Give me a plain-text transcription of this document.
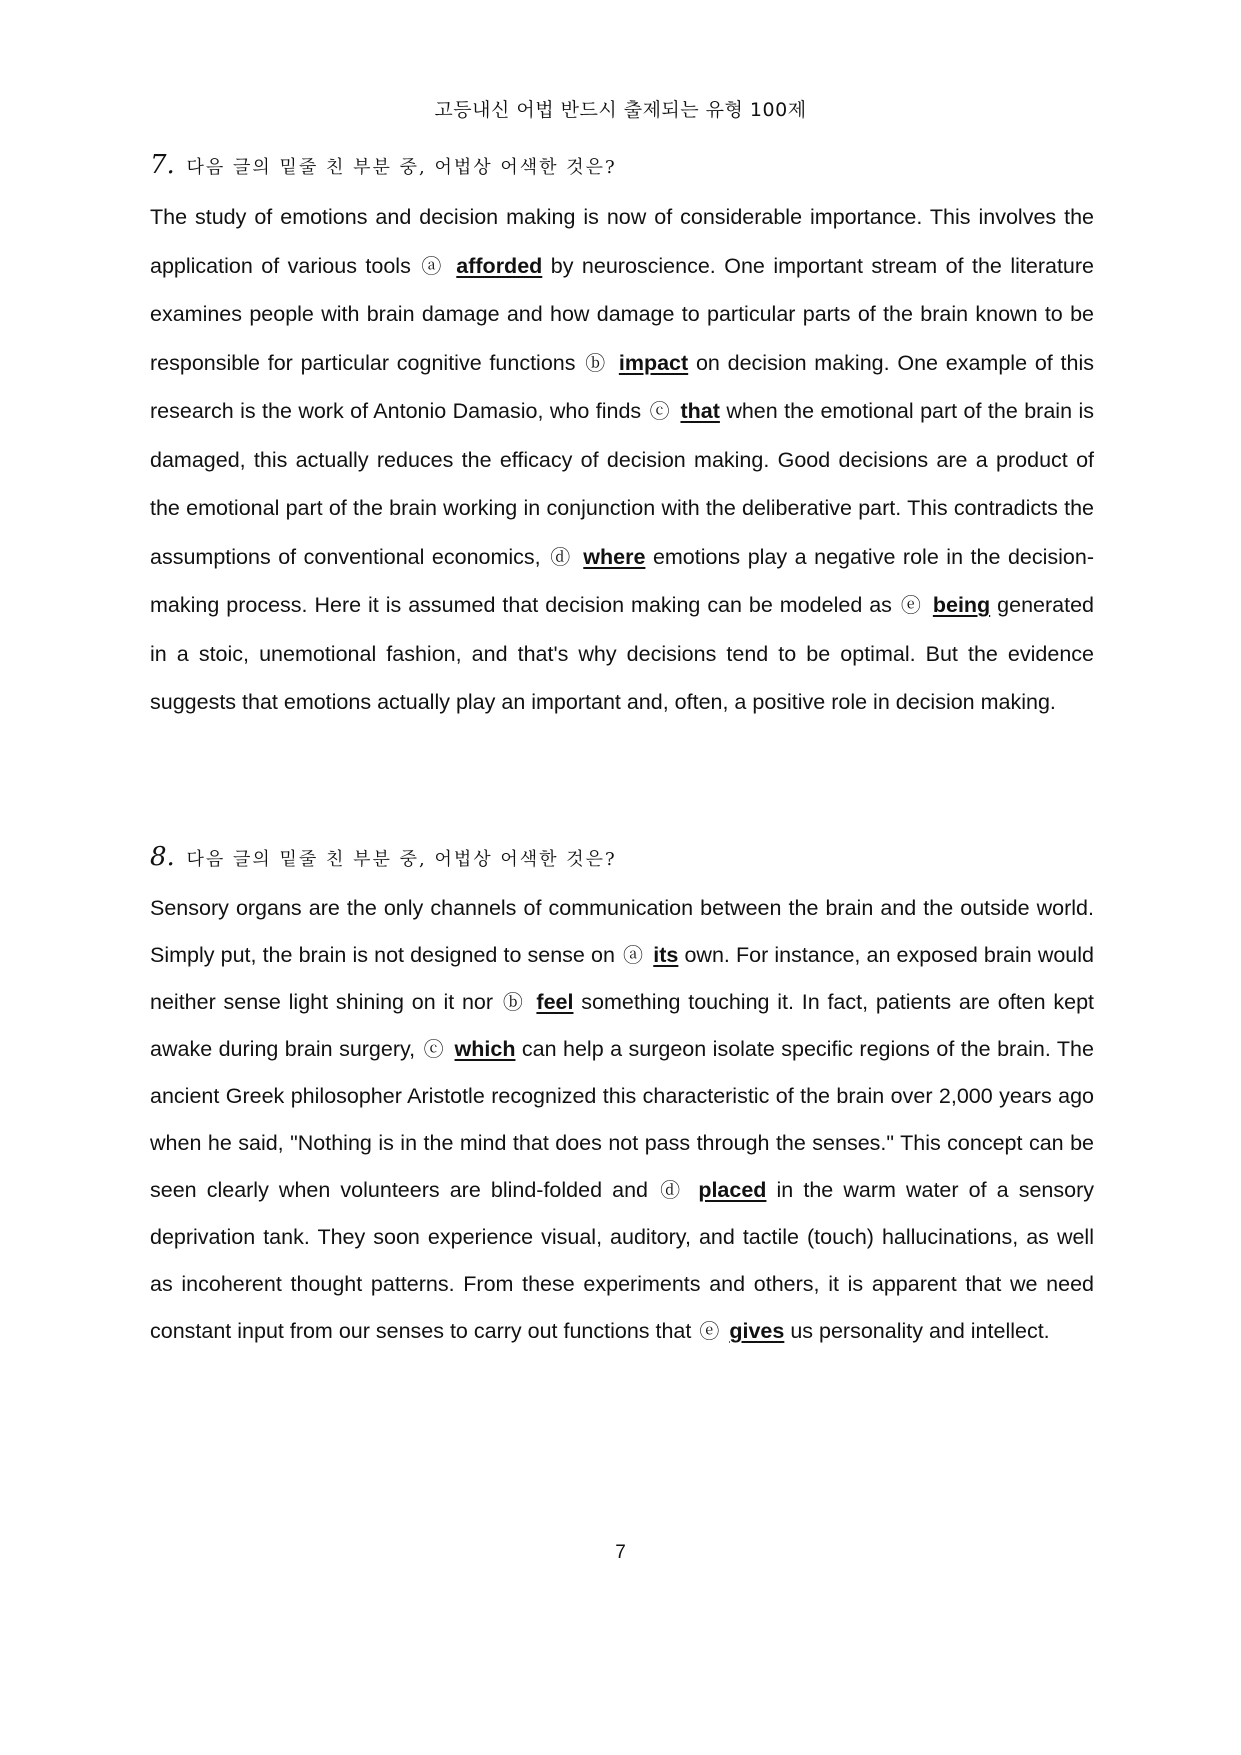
고등내신 어법 반드시 출제되는 유형 100제
7. 다음 글의 밑줄 친 부분 중, 어법상 어색한 것은?

The study of emotions and decision making is now of considerable importance. This involves the application of various tools ⓐ afforded by neuroscience. One important stream of the literature examines people with brain damage and how damage to particular parts of the brain known to be responsible for particular cognitive functions ⓑ impact on decision making. One example of this research is the work of Antonio Damasio, who finds ⓒ that when the emotional part of the brain is damaged, this actually reduces the efficacy of decision making. Good decisions are a product of the emotional part of the brain working in conjunction with the deliberative part. This contradicts the assumptions of conventional economics, ⓓ where emotions play a negative role in the decision-making process. Here it is assumed that decision making can be modeled as ⓔ being generated in a stoic, unemotional fashion, and that's why decisions tend to be optimal. But the evidence suggests that emotions actually play an important and, often, a positive role in decision making.

8. 다음 글의 밑줄 친 부분 중, 어법상 어색한 것은?

Sensory organs are the only channels of communication between the brain and the outside world. Simply put, the brain is not designed to sense on ⓐ its own. For instance, an exposed brain would neither sense light shining on it nor ⓑ feel something touching it. In fact, patients are often kept awake during brain surgery, ⓒ which can help a surgeon isolate specific regions of the brain. The ancient Greek philosopher Aristotle recognized this characteristic of the brain over 2,000 years ago when he said, "Nothing is in the mind that does not pass through the senses." This concept can be seen clearly when volunteers are blind-folded and ⓓ placed in the warm water of a sensory deprivation tank. They soon experience visual, auditory, and tactile (touch) hallucinations, as well as incoherent thought patterns. From these experiments and others, it is apparent that we need constant input from our senses to carry out functions that ⓔ gives us personality and intellect.

7
